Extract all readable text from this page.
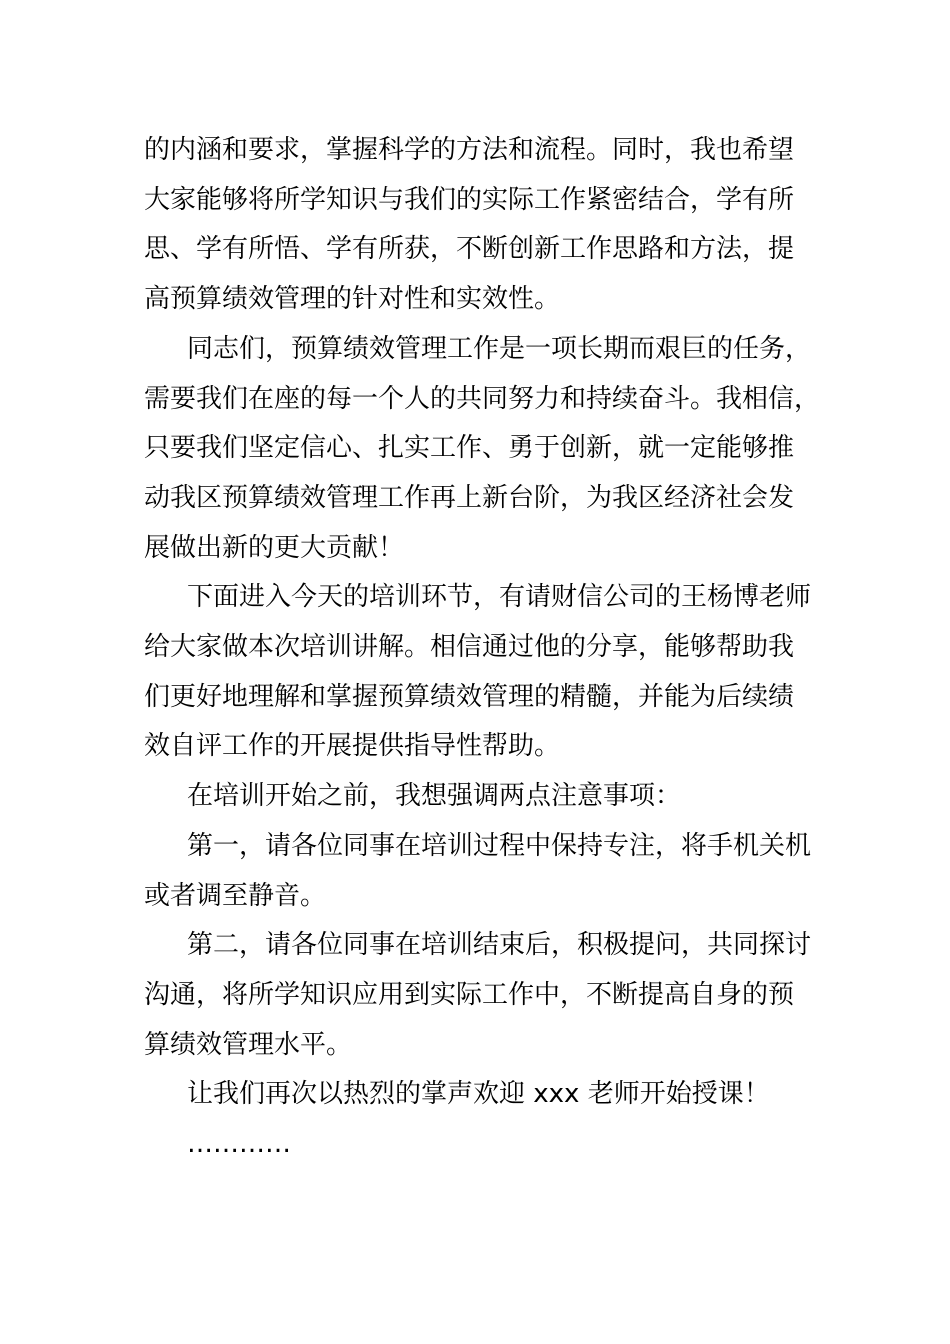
的内涵和要求，掌握科学的方法和流程。同时，我也希望
大家能够将所学知识与我们的实际工作紧密结合，学有所
思、学有所悟、学有所获，不断创新工作思路和方法，提
高预算绩效管理的针对性和实效性。

同志们，预算绩效管理工作是一项长期而艰巨的任务，
需要我们在座的每一个人的共同努力和持续奋斗。我相信，
只要我们坚定信心、扎实工作、勇于创新，就一定能够推
动我区预算绩效管理工作再上新台阶，为我区经济社会发
展做出新的更大贡献！

下面进入今天的培训环节，有请财信公司的王杨博老师
给大家做本次培训讲解。相信通过他的分享，能够帮助我
们更好地理解和掌握预算绩效管理的精髓，并能为后续绩
效自评工作的开展提供指导性帮助。

在培训开始之前，我想强调两点注意事项：

第一，请各位同事在培训过程中保持专注，将手机关机
或者调至静音。

第二，请各位同事在培训结束后，积极提问，共同探讨
沟通，将所学知识应用到实际工作中，不断提高自身的预
算绩效管理水平。

让我们再次以热烈的掌声欢迎 xxx 老师开始授课！

…………
